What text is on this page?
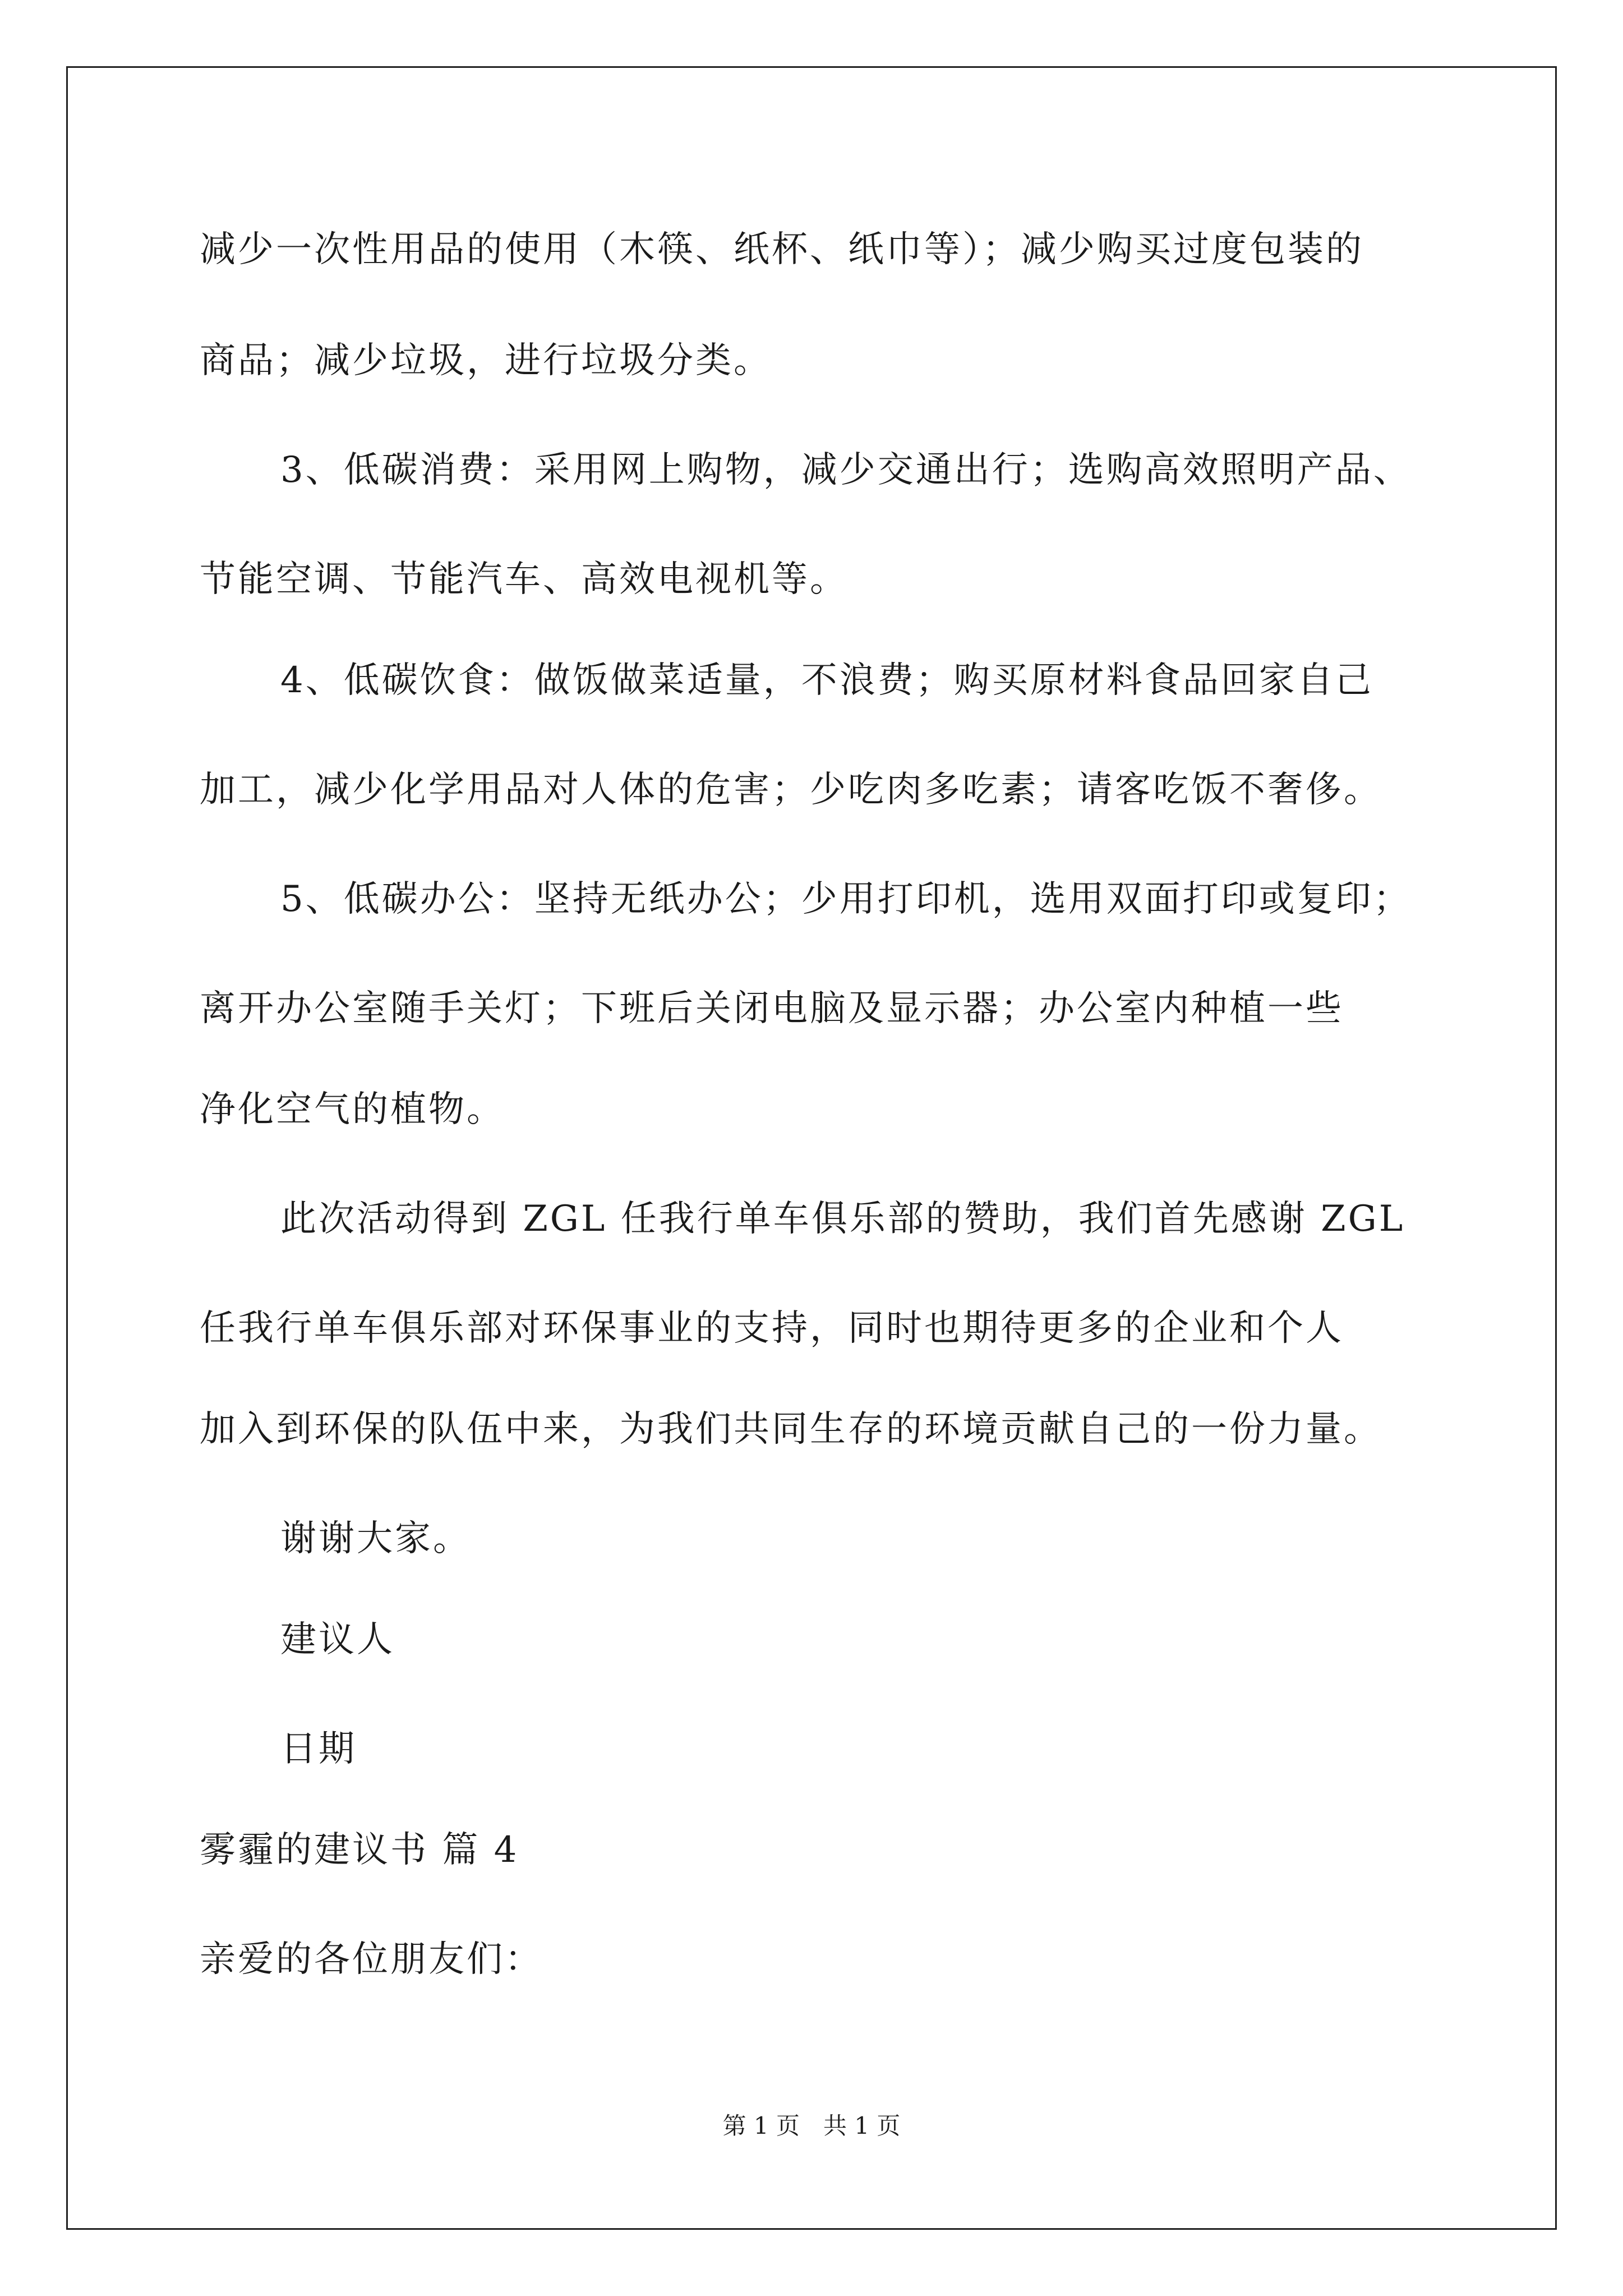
减少一次性用品的使用（木筷、纸杯、纸巾等）；减少购买过度包装的
商品；减少垃圾，进行垃圾分类。
3、低碳消费：采用网上购物，减少交通出行；选购高效照明产品、
节能空调、节能汽车、高效电视机等。
4、低碳饮食：做饭做菜适量，不浪费；购买原材料食品回家自己
加工，减少化学用品对人体的危害；少吃肉多吃素；请客吃饭不奢侈。
5、低碳办公：坚持无纸办公；少用打印机，选用双面打印或复印；
离开办公室随手关灯；下班后关闭电脑及显示器；办公室内种植一些
净化空气的植物。
此次活动得到 ZGL 任我行单车俱乐部的赞助，我们首先感谢 ZGL
任我行单车俱乐部对环保事业的支持，同时也期待更多的企业和个人
加入到环保的队伍中来，为我们共同生存的环境贡献自己的一份力量。
谢谢大家。
建议人
日期
雾霾的建议书 篇 4
亲爱的各位朋友们：
第 1 页　共 1 页
